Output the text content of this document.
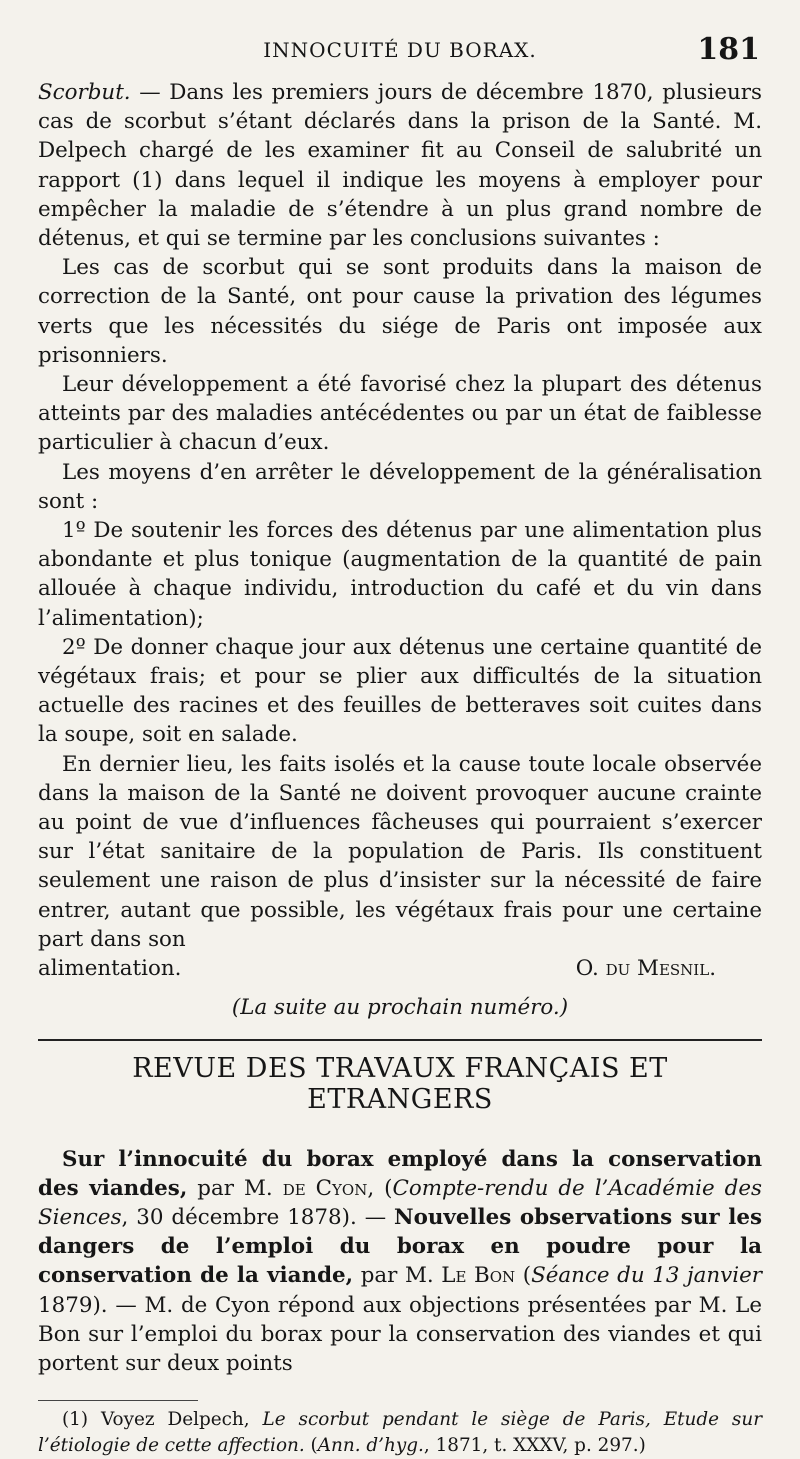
INNOCUITÉ DU BORAX.	181

Scorbut. — Dans les premiers jours de décembre 1870, plusieurs cas de scorbut s’étant déclarés dans la prison de la Santé. M. Delpech chargé de les examiner fit au Conseil de salubrité un rapport (1) dans lequel il indique les moyens à employer pour empêcher la maladie de s’étendre à un plus grand nombre de détenus, et qui se termine par les conclusions suivantes :

Les cas de scorbut qui se sont produits dans la maison de correction de la Santé, ont pour cause la privation des légumes verts que les nécessités du siége de Paris ont imposée aux prisonniers.

Leur développement a été favorisé chez la plupart des détenus atteints par des maladies antécédentes ou par un état de faiblesse particulier à chacun d’eux.

Les moyens d’en arrêter le développement de la généralisation sont :

1º De soutenir les forces des détenus par une alimentation plus abondante et plus tonique (augmentation de la quantité de pain allouée à chaque individu, introduction du café et du vin dans l’alimentation);

2º De donner chaque jour aux détenus une certaine quantité de végétaux frais; et pour se plier aux difficultés de la situation actuelle des racines et des feuilles de betteraves soit cuites dans la soupe, soit en salade.

En dernier lieu, les faits isolés et la cause toute locale observée dans la maison de la Santé ne doivent provoquer aucune crainte au point de vue d’influences fâcheuses qui pourraient s’exercer sur l’état sanitaire de la population de Paris. Ils constituent seulement une raison de plus d’insister sur la nécessité de faire entrer, autant que possible, les végétaux frais pour une certaine part dans son

alimentation.	O. du Mesnil.

(La suite au prochain numéro.)

REVUE DES TRAVAUX FRANÇAIS ET ETRANGERS

Sur l’innocuité du borax employé dans la conservation des viandes, par M. de Cyon, (Compte-rendu de l’Académie des Siences, 30 décembre 1878). — Nouvelles observations sur les dangers de l’emploi du borax en poudre pour la conservation de la viande, par M. Le Bon (Séance du 13 janvier 1879). — M. de Cyon répond aux objections présentées par M. Le Bon sur l’emploi du borax pour la conservation des viandes et qui portent sur deux points

(1) Voyez Delpech, Le scorbut pendant le siège de Paris, Etude sur l’étiologie de cette affection. (Ann. d’hyg., 1871, t. XXXV, p. 297.)
